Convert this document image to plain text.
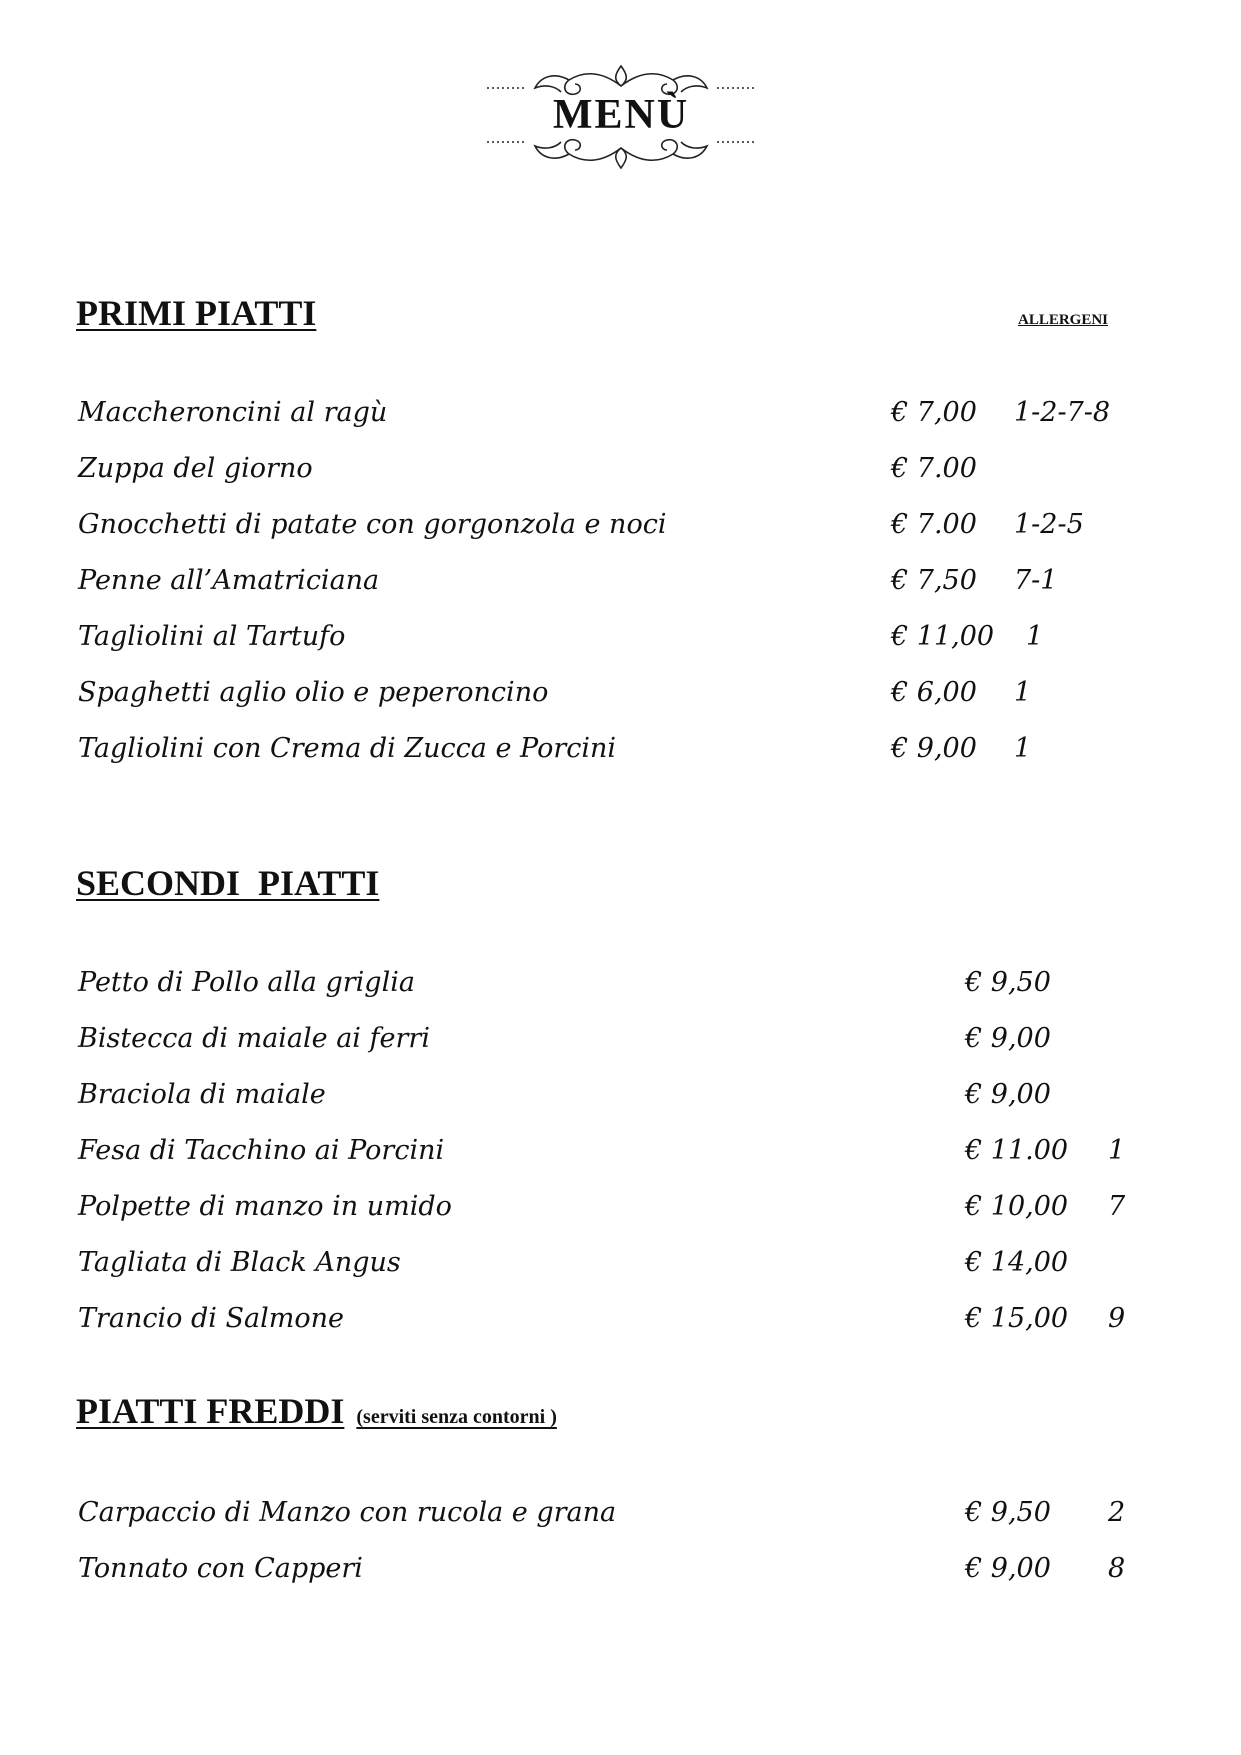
MENÙ
PRIMI PIATTI	ALLERGENI
Maccheroncini al ragù	€ 7,00 1-2-7-8
Zuppa del giorno	€ 7.00
Gnocchetti di patate con gorgonzola e noci	€ 7.00 1-2-5
Penne all’Amatriciana	€ 7,50 7-1
Tagliolini al Tartufo	€ 11,00 1
Spaghetti aglio olio e peperoncino	€ 6,00 1
Tagliolini con Crema di Zucca e Porcini	€ 9,00 1
SECONDI  PIATTI
Petto di Pollo alla griglia	€ 9,50
Bistecca di maiale ai ferri	€ 9,00
Braciola di maiale	€ 9,00
Fesa di Tacchino ai Porcini	€ 11.00 1
Polpette di manzo in umido	€ 10,00 7
Tagliata di Black Angus	€ 14,00
Trancio di Salmone	€ 15,00 9
PIATTI FREDDI (serviti senza contorni )
Carpaccio di Manzo con rucola e grana	€ 9,50 2
Tonnato con Capperi	€ 9,00 8
